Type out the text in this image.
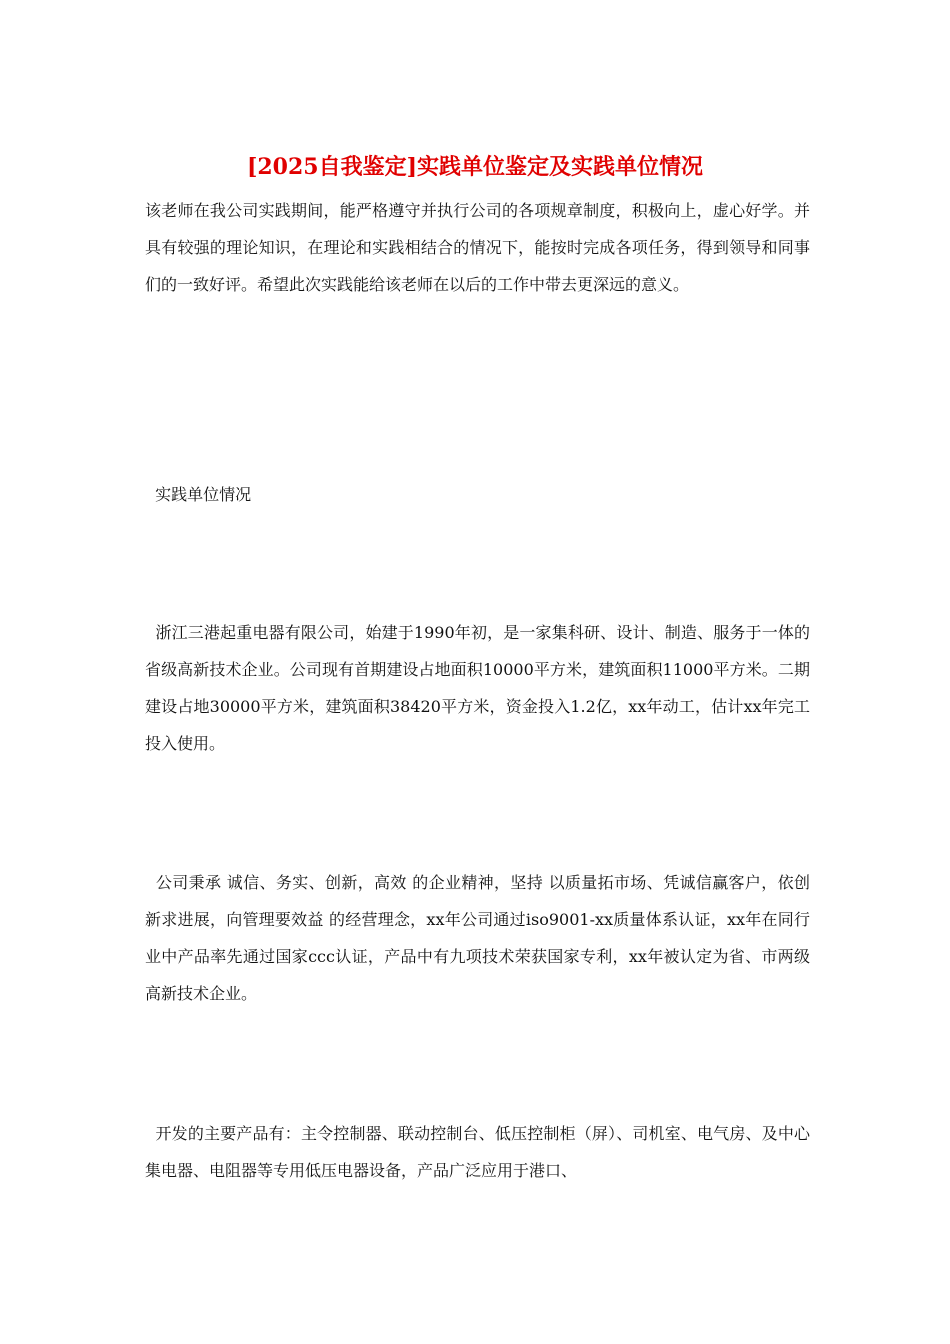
[2025自我鉴定]实践单位鉴定及实践单位情况

该老师在我公司实践期间，能严格遵守并执行公司的各项规章制度，积极向上，虚心好学。并具有较强的理论知识，在理论和实践相结合的情况下，能按时完成各项任务，得到领导和同事们的一致好评。希望此次实践能给该老师在以后的工作中带去更深远的意义。

实践单位情况

浙江三港起重电器有限公司，始建于1990年初，是一家集科研、设计、制造、服务于一体的省级高新技术企业。公司现有首期建设占地面积10000平方米，建筑面积11000平方米。二期建设占地30000平方米，建筑面积38420平方米，资金投入1.2亿，xx年动工，估计xx年完工投入使用。

公司秉承 诚信、务实、创新，高效 的企业精神，坚持 以质量拓市场、凭诚信赢客户，依创新求进展，向管理要效益 的经营理念，xx年公司通过iso9001-xx质量体系认证，xx年在同行业中产品率先通过国家ccc认证，产品中有九项技术荣获国家专利，xx年被认定为省、市两级高新技术企业。

开发的主要产品有：主令控制器、联动控制台、低压控制柜（屏）、司机室、电气房、及中心集电器、电阻器等专用低压电器设备，产品广泛应用于港口、
